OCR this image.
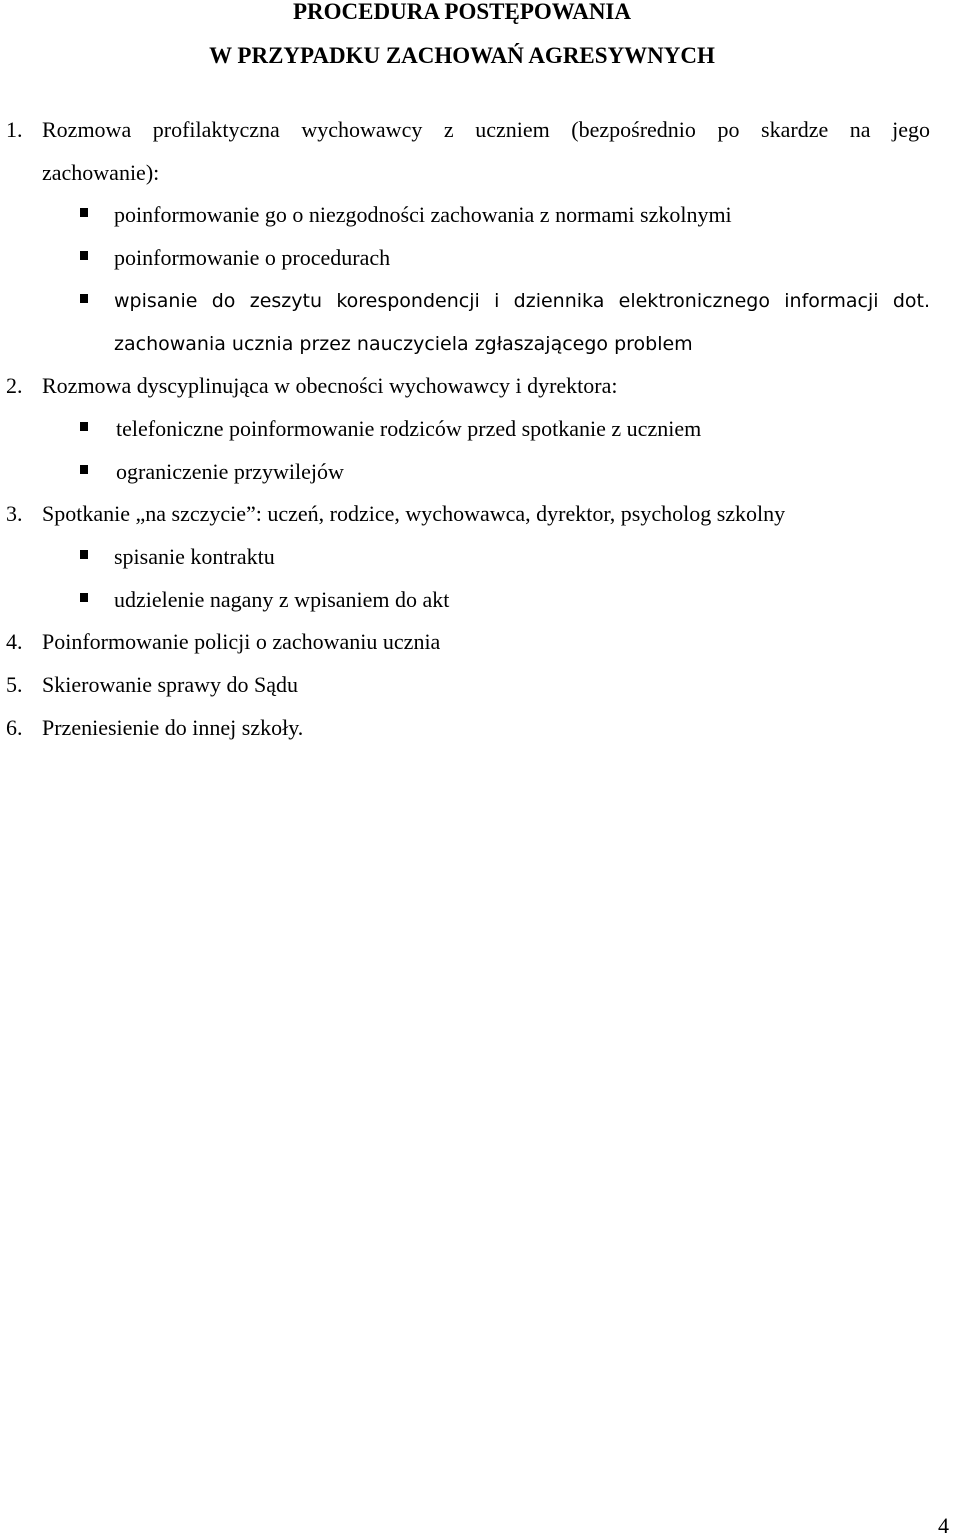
PROCEDURA POSTĘPOWANIA
W PRZYPADKU ZACHOWAŃ AGRESYWNYCH
1. Rozmowa profilaktyczna wychowawcy z uczniem (bezpośrednio po skardze na jego
zachowanie):
poinformowanie go o niezgodności zachowania z normami szkolnymi
poinformowanie o procedurach
wpisanie do zeszytu korespondencji i dziennika elektronicznego informacji dot.
zachowania ucznia przez nauczyciela zgłaszającego problem
2. Rozmowa dyscyplinująca w obecności wychowawcy i dyrektora:
telefoniczne poinformowanie rodziców przed spotkanie z uczniem
ograniczenie przywilejów
3. Spotkanie „na szczycie”: uczeń, rodzice, wychowawca, dyrektor, psycholog szkolny
spisanie kontraktu
udzielenie nagany z wpisaniem do akt
4. Poinformowanie policji o zachowaniu ucznia
5. Skierowanie sprawy do Sądu
6. Przeniesienie do innej szkoły.
4
